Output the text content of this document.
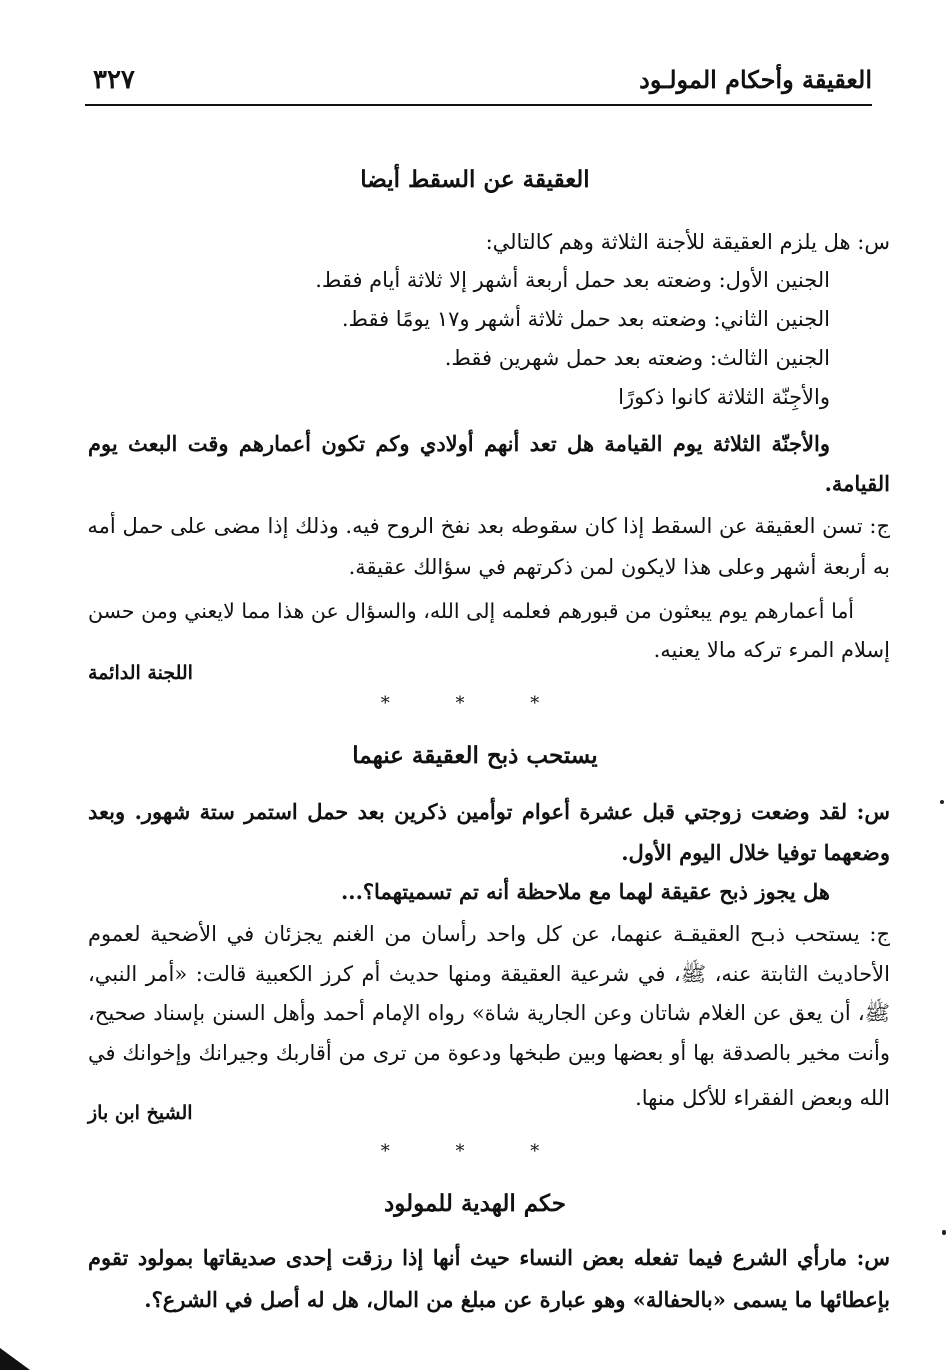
العقيقة وأحكام المولـود
٣٢٧
العقيقة عن السقط أيضا

س: هل يلزم العقيقة للأجنة الثلاثة وهم كالتالي:

الجنين الأول: وضعته بعد حمل أربعة أشهر إلا ثلاثة أيام فقط.

الجنين الثاني: وضعته بعد حمل ثلاثة أشهر و١٧ يومًا فقط.

الجنين الثالث: وضعته بعد حمل شهرين فقط.

والأجِنّة الثلاثة كانوا ذكورًا

والأجنّة الثلاثة يوم القيامة هل تعد أنهم أولادي وكم تكون أعمارهم وقت البعث يوم

القيامة.

ج: تسن العقيقة عن السقط إذا كان سقوطه بعد نفخ الروح فيه. وذلك إذا مضى على حمل أمه

به أربعة أشهر وعلى هذا لايكون لمن ذكرتهم في سؤالك عقيقة.

أما أعمارهم يوم يبعثون من قبورهم فعلمه إلى الله، والسؤال عن هذا مما لايعني ومن حسن

إسلام المرء تركه مالا يعنيه.

اللجنة الدائمة
* * *
يستحب ذبح العقيقة عنهما

س: لقد وضعت زوجتي قبل عشرة أعوام توأمين ذكرين بعد حمل استمر ستة شهور. وبعد

وضعهما توفيا خلال اليوم الأول.

هل يجوز ذبح عقيقة لهما مع ملاحظة أنه تم تسميتهما؟...

ج: يستحب ذبـح العقيقـة عنهما، عن كل واحد رأسان من الغنم يجزئان في الأضحية لعموم

الأحاديث الثابتة عنه، ﷺ، في شرعية العقيقة ومنها حديث أم كرز الكعبية قالت: «أمر النبي،

ﷺ، أن يعق عن الغلام شاتان وعن الجارية شاة» رواه الإمام أحمد وأهل السنن بإسناد صحيح،

وأنت مخير بالصدقة بها أو بعضها وبين طبخها ودعوة من ترى من أقاربك وجيرانك وإخوانك في

الله وبعض الفقراء للأكل منها.

الشيخ ابن باز
* * *
حكم الهدية للمولود

س: مارأي الشرع فيما تفعله بعض النساء حيث أنها إذا رزقت إحدى صديقاتها بمولود تقوم

بإعطائها ما يسمى «بالحفالة» وهو عبارة عن مبلغ من المال، هل له أصل في الشرع؟.
